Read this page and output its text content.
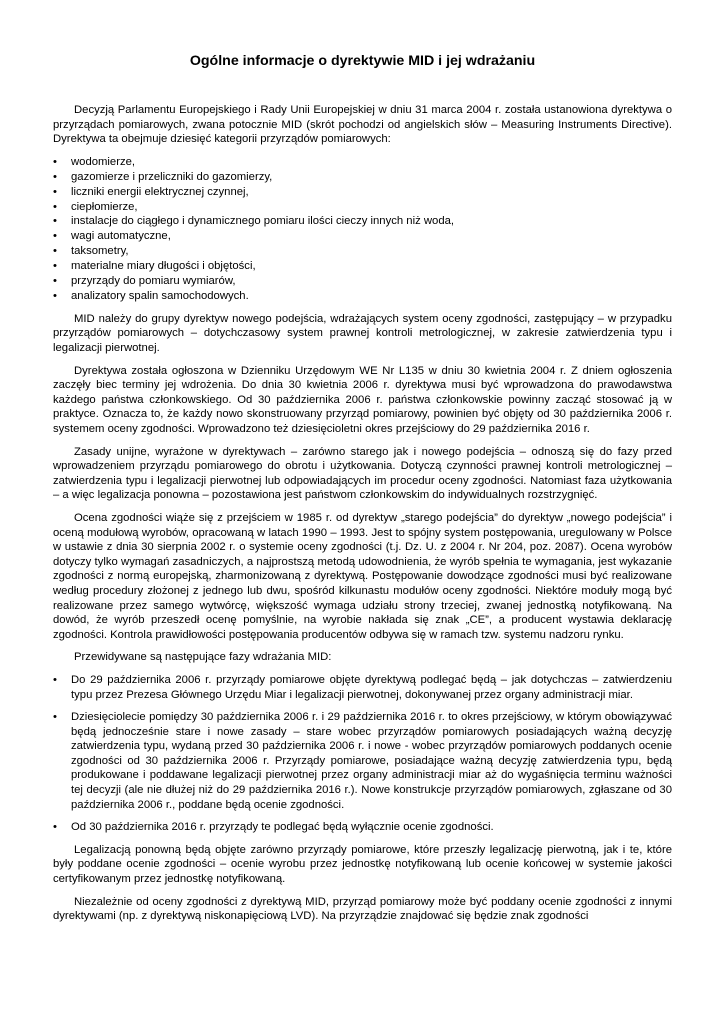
Ogólne informacje o dyrektywie MID i jej wdrażaniu

Decyzją Parlamentu Europejskiego i Rady Unii Europejskiej w dniu 31 marca 2004 r. została ustanowiona dyrektywa o przyrządach pomiarowych, zwana potocznie MID (skrót pochodzi od angielskich słów – Measuring Instruments Directive). Dyrektywa ta obejmuje dziesięć kategorii przyrządów pomiarowych:

• wodomierze,
• gazomierze i przeliczniki do gazomierzy,
• liczniki energii elektrycznej czynnej,
• ciepłomierze,
• instalacje do ciągłego i dynamicznego pomiaru ilości cieczy innych niż woda,
• wagi automatyczne,
• taksometry,
• materialne miary długości i objętości,
• przyrządy do pomiaru wymiarów,
• analizatory spalin samochodowych.

MID należy do grupy dyrektyw nowego podejścia, wdrażających system oceny zgodności, zastępujący – w przypadku przyrządów pomiarowych – dotychczasowy system prawnej kontroli metrologicznej, w zakresie zatwierdzenia typu i legalizacji pierwotnej.

Dyrektywa została ogłoszona w Dzienniku Urzędowym WE Nr L135 w dniu 30 kwietnia 2004 r. Z dniem ogłoszenia zaczęły biec terminy jej wdrożenia. Do dnia 30 kwietnia 2006 r. dyrektywa musi być wprowadzona do prawodawstwa każdego państwa członkowskiego. Od 30 października 2006 r. państwa członkowskie powinny zacząć stosować ją w praktyce. Oznacza to, że każdy nowo skonstruowany przyrząd pomiarowy, powinien być objęty od 30 października 2006 r. systemem oceny zgodności. Wprowadzono też dziesięcioletni okres przejściowy do 29 października 2016 r.

Zasady unijne, wyrażone w dyrektywach – zarówno starego jak i nowego podejścia – odnoszą się do fazy przed wprowadzeniem przyrządu pomiarowego do obrotu i użytkowania. Dotyczą czynności prawnej kontroli metrologicznej – zatwierdzenia typu i legalizacji pierwotnej lub odpowiadających im procedur oceny zgodności. Natomiast faza użytkowania – a więc legalizacja ponowna – pozostawiona jest państwom członkowskim do indywidualnych rozstrzygnięć.

Ocena zgodności wiąże się z przejściem w 1985 r. od dyrektyw „starego podejścia” do dyrektyw „nowego podejścia” i oceną modułową wyrobów, opracowaną w latach 1990 – 1993. Jest to spójny system postępowania, uregulowany w Polsce w ustawie z dnia 30 sierpnia 2002 r. o systemie oceny zgodności (t.j. Dz. U. z 2004 r. Nr 204, poz. 2087). Ocena wyrobów dotyczy tylko wymagań zasadniczych, a najprostszą metodą udowodnienia, że wyrób spełnia te wymagania, jest wykazanie zgodności z normą europejską, zharmonizowaną z dyrektywą. Postępowanie dowodzące zgodności musi być realizowane według procedury złożonej z jednego lub dwu, spośród kilkunastu modułów oceny zgodności. Niektóre moduły mogą być realizowane przez samego wytwórcę, większość wymaga udziału strony trzeciej, zwanej jednostką notyfikowaną. Na dowód, że wyrób przeszedł ocenę pomyślnie, na wyrobie nakłada się znak „CE”, a producent wystawia deklarację zgodności. Kontrola prawidłowości postępowania producentów odbywa się w ramach tzw. systemu nadzoru rynku.

Przewidywane są następujące fazy wdrażania MID:

• Do 29 października 2006 r. przyrządy pomiarowe objęte dyrektywą podlegać będą – jak dotychczas – zatwierdzeniu typu przez Prezesa Głównego Urzędu Miar i legalizacji pierwotnej, dokonywanej przez organy administracji miar.
• Dziesięciolecie pomiędzy 30 października 2006 r. i 29 października 2016 r. to okres przejściowy, w którym obowiązywać będą jednocześnie stare i nowe zasady – stare wobec przyrządów pomiarowych posiadających ważną decyzję zatwierdzenia typu, wydaną przed 30 października 2006 r. i nowe - wobec przyrządów pomiarowych poddanych ocenie zgodności od 30 października 2006 r. Przyrządy pomiarowe, posiadające ważną decyzję zatwierdzenia typu, będą produkowane i poddawane legalizacji pierwotnej przez organy administracji miar aż do wygaśnięcia terminu ważności tej decyzji (ale nie dłużej niż do 29 października 2016 r.). Nowe konstrukcje przyrządów pomiarowych, zgłaszane od 30 października 2006 r., poddane będą ocenie zgodności.
• Od 30 października 2016 r. przyrządy te podlegać będą wyłącznie ocenie zgodności.

Legalizacją ponowną będą objęte zarówno przyrządy pomiarowe, które przeszły legalizację pierwotną, jak i te, które były poddane ocenie zgodności – ocenie wyrobu przez jednostkę notyfikowaną lub ocenie końcowej w systemie jakości certyfikowanym przez jednostkę notyfikowaną.

Niezależnie od oceny zgodności z dyrektywą MID, przyrząd pomiarowy może być poddany ocenie zgodności z innymi dyrektywami (np. z dyrektywą niskonapięciową LVD). Na przyrządzie znajdować się będzie znak zgodności
